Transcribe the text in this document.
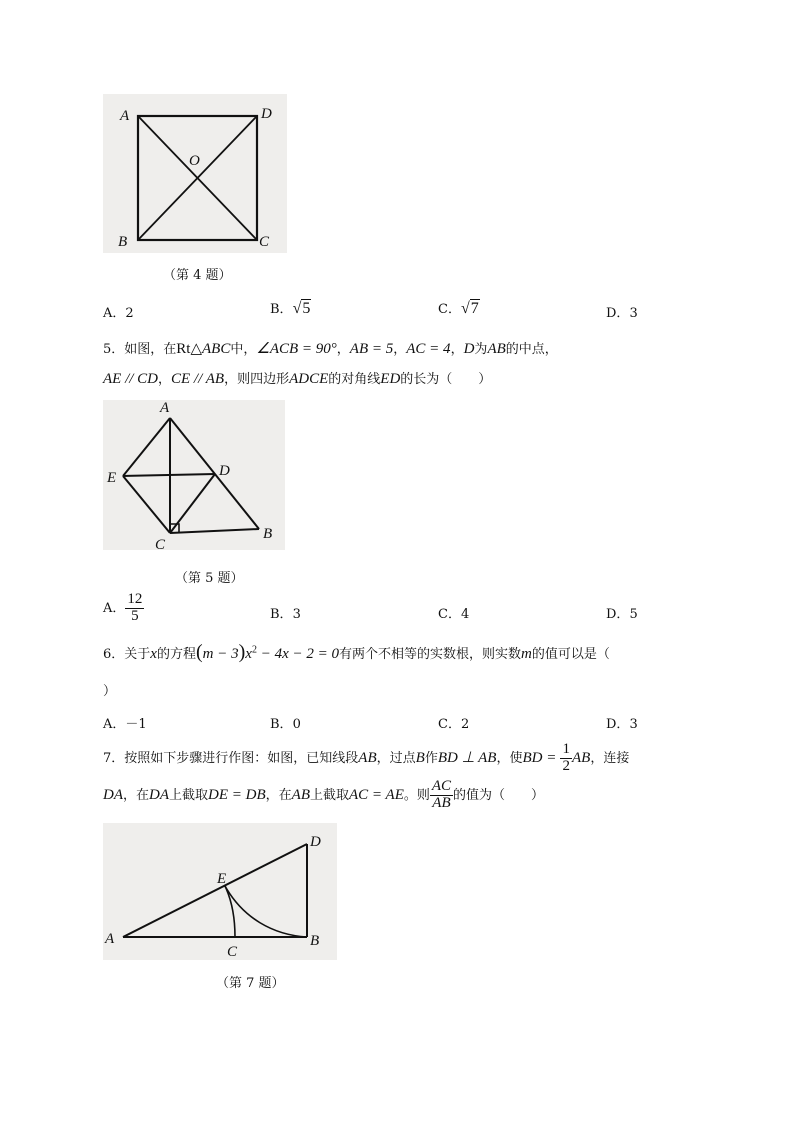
A	D
O
B	C
（第 4 题）
A．2	B．√5	C．√7	D．3
5．如图，在Rt△ABC中，∠ACB = 90°，AB = 5，AC = 4，D为AB的中点，
AE // CD，CE // AB，则四边形ADCE的对角线ED的长为（　　）
A
E	D
C
B
（第 5 题）
A． $\frac{12}{5}$	B．3	C．4	D．5
6．关于x的方程$(m - 3)x^2 - 4x - 2 = 0$有两个不相等的实数根，则实数m的值可以是（
）
A．－1	B．0	C．2	D．3
7．按照如下步骤进行作图：如图，已知线段AB，过点B作BD ⊥ AB，使BD = $\frac{1}{2}$ AB，连接
DA，在DA上截取DE = DB，在AB上截取AC = AE。则 $\frac{AC}{AB}$ 的值为（　　）
A	B
C
D
E
（第 7 题）
